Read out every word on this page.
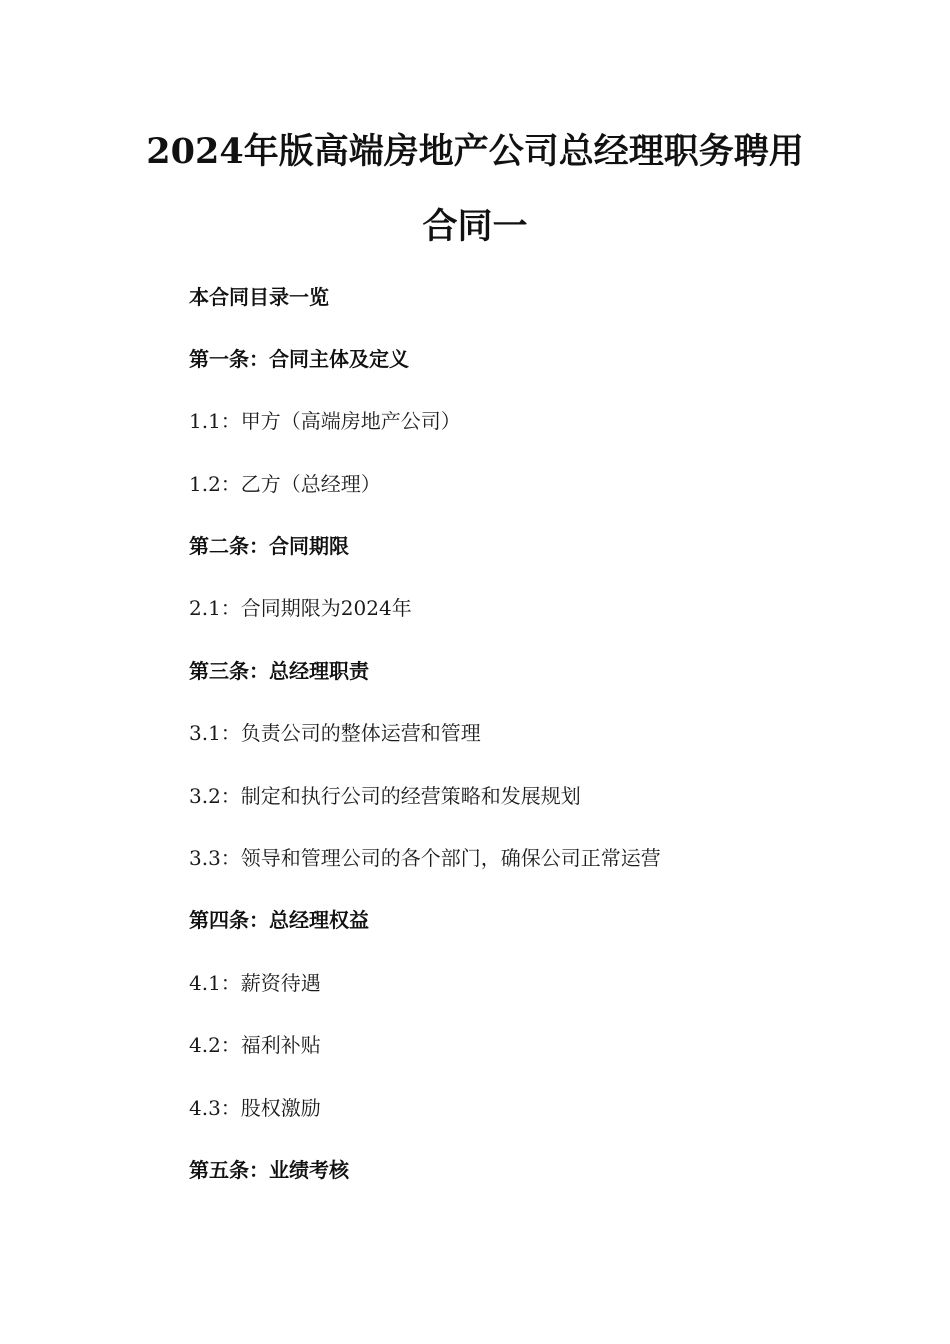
2024年版高端房地产公司总经理职务聘用
合同一
本合同目录一览
第一条：合同主体及定义
1.1：甲方（高端房地产公司）
1.2：乙方（总经理）
第二条：合同期限
2.1：合同期限为2024年
第三条：总经理职责
3.1：负责公司的整体运营和管理
3.2：制定和执行公司的经营策略和发展规划
3.3：领导和管理公司的各个部门，确保公司正常运营
第四条：总经理权益
4.1：薪资待遇
4.2：福利补贴
4.3：股权激励
第五条：业绩考核
